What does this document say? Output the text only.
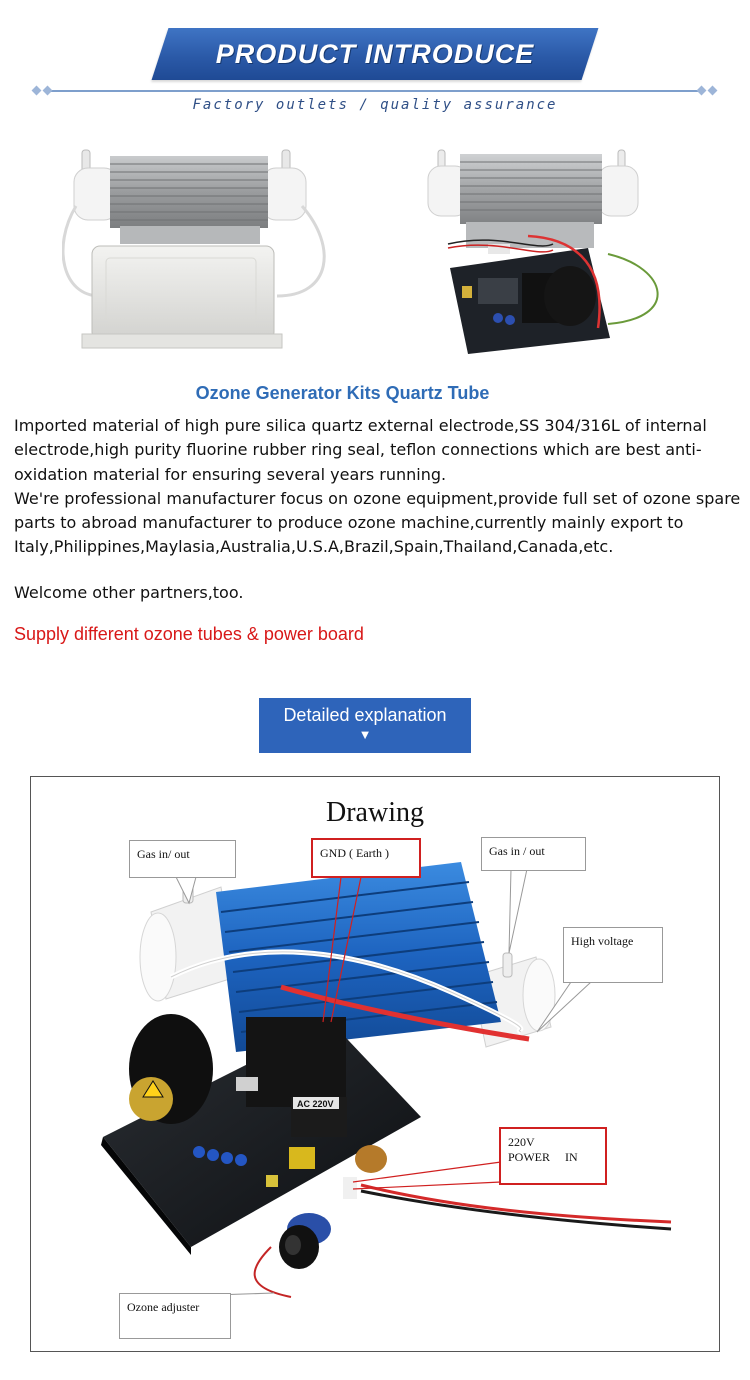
PRODUCT INTRODUCE
Factory outlets / quality assurance
Ozone Generator Kits Quartz Tube

Imported material of high pure silica quartz external electrode,SS 304/316L of internal electrode,high purity fluorine rubber ring seal, teflon connections which are best anti-oxidation material for ensuring several years running.

We're professional manufacturer focus on ozone equipment,provide full set of ozone spare parts to abroad manufacturer to produce ozone machine,currently mainly export to Italy,Philippines,Maylasia,Australia,U.S.A,Brazil,Spain,Thailand,Canada,etc.

Welcome other partners,too.
Supply different ozone tubes & power board
Detailed explanation
▼
Drawing
AC 220V
Gas in/ out	GND ( Earth )	Gas in / out
High voltage
220V
POWER     IN
Ozone adjuster
